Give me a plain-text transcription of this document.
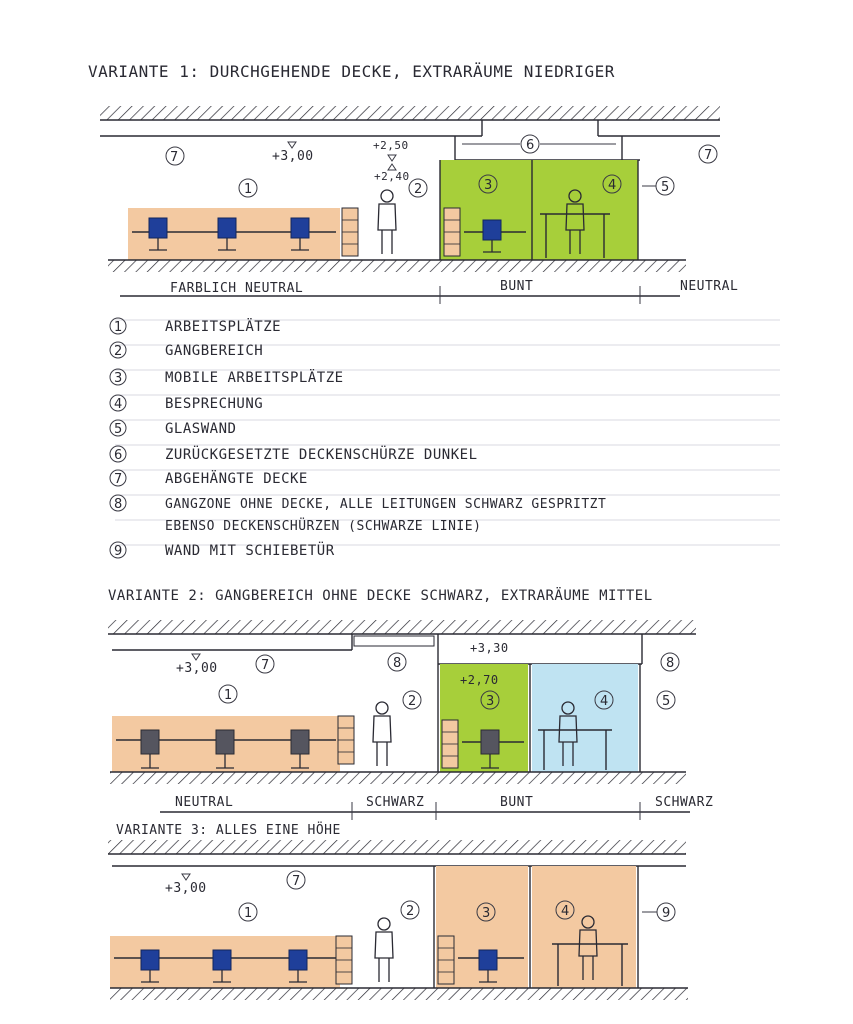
VARIANTE 1: DURCHGEHENDE DECKE, EXTRARÄUME NIEDRIGER
7	+3,00
+2,50
+2,40
1	2	3	4	5
6
7
FARBLICH NEUTRAL	BUNT	NEUTRAL
1	ARBEITSPLÄTZE
2	GANGBEREICH
3	MOBILE ARBEITSPLÄTZE
4	BESPRECHUNG
5	GLASWAND
6	ZURÜCKGESETZTE DECKENSCHÜRZE DUNKEL
7	ABGEHÄNGTE DECKE
8	GANGZONE OHNE DECKE, ALLE LEITUNGEN SCHWARZ GESPRITZT
EBENSO DECKENSCHÜRZEN (SCHWARZE LINIE)
9	WAND MIT SCHIEBETÜR
VARIANTE 2: GANGBEREICH OHNE DECKE SCHWARZ, EXTRARÄUME MITTEL
+3,00	7	8
+3,30
+2,70
8
1	2	3	4	5
NEUTRAL	SCHWARZ	BUNT	SCHWARZ
VARIANTE 3: ALLES EINE HÖHE
+3,00	7
1	2	3	4	9
